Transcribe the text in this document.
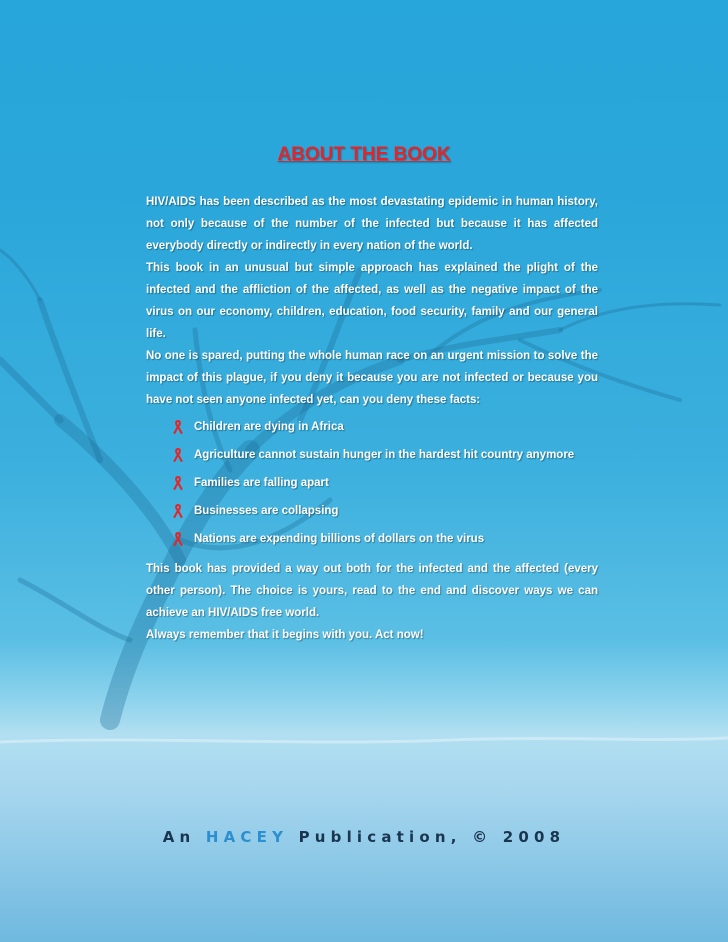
ABOUT THE BOOK

HIV/AIDS has been described as the most devastating epidemic in human history, not only because of the number of the infected but because it has affected everybody directly or indirectly in every nation of the world.

This book in an unusual but simple approach has explained the plight of the infected and the affliction of the affected, as well as the negative impact of the virus on our economy, children, education, food security, family and our general life.

No one is spared, putting the whole human race on an urgent mission to solve the impact of this plague, if you deny it because you are not infected or because you have not seen anyone infected yet, can you deny these facts:

Children are dying in Africa
Agriculture cannot sustain hunger in the hardest hit country anymore
Families are falling apart
Businesses are collapsing
Nations are expending billions of dollars on the virus

This book has provided a way out both for the infected and the affected (every other person). The choice is yours, read to the end and discover ways we can achieve an HIV/AIDS free world.

Always remember that it begins with you. Act now!

An HACEY Publication, © 2008
